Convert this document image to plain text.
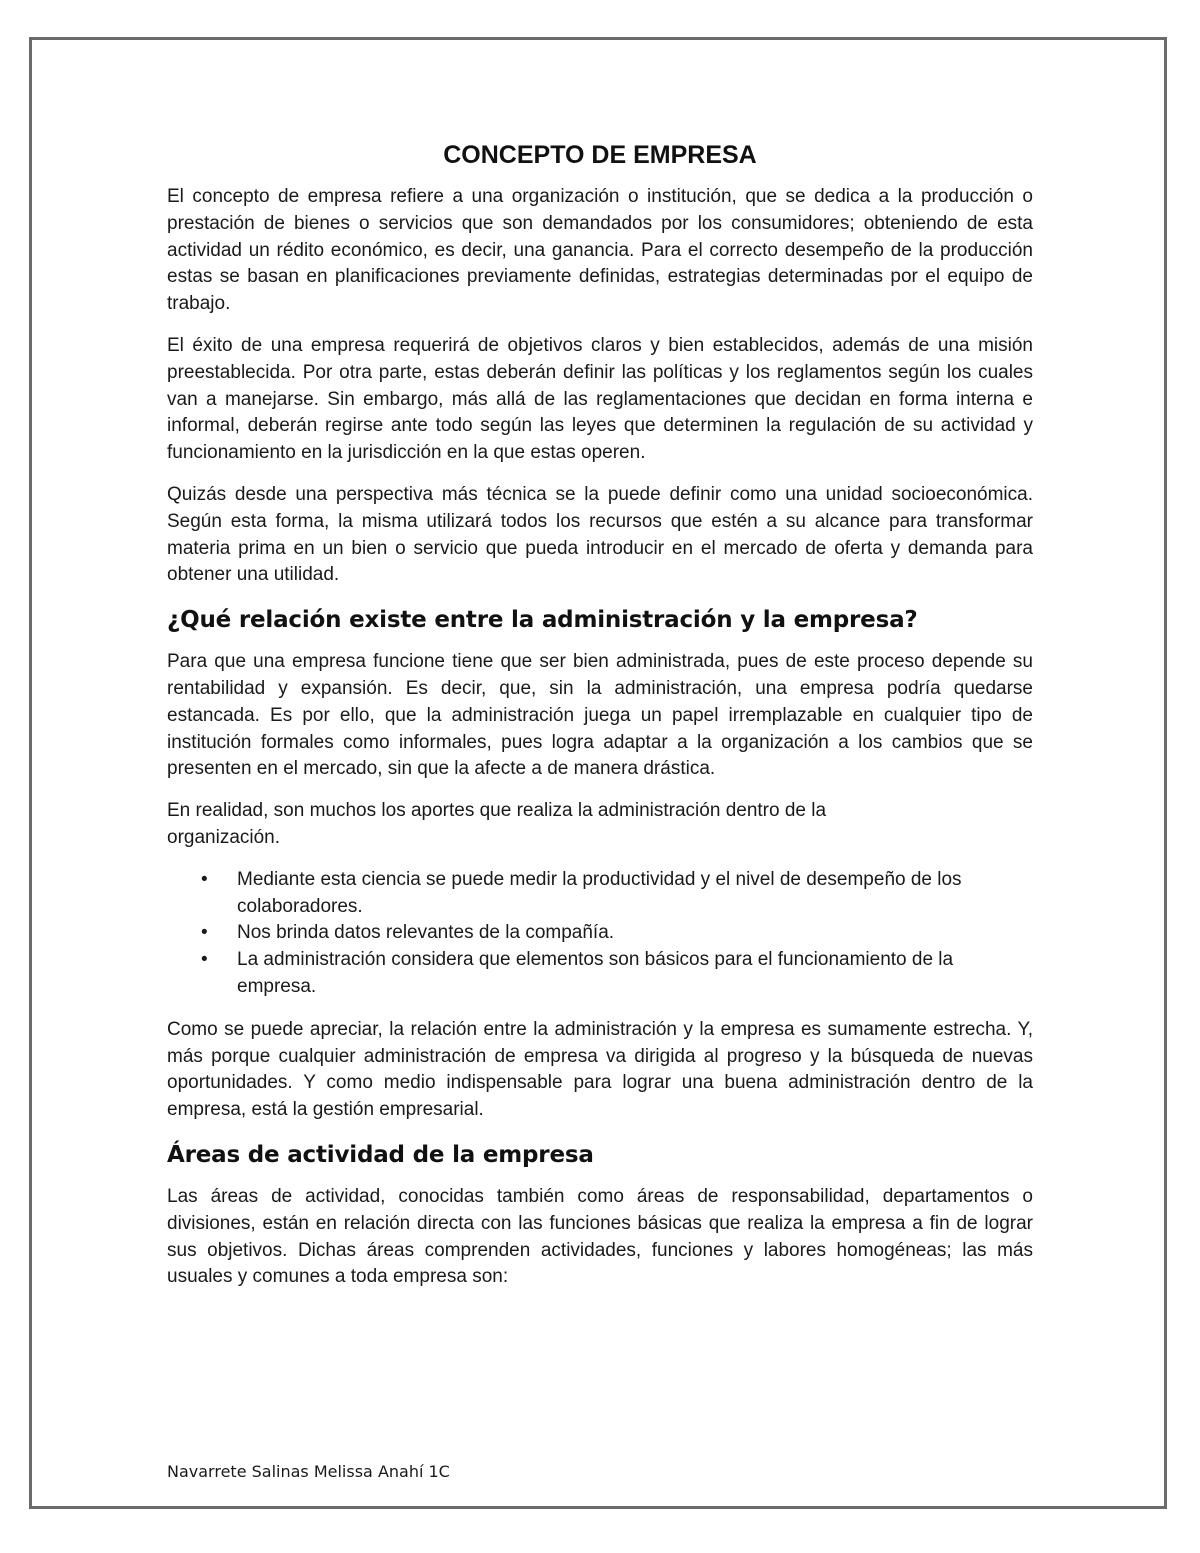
CONCEPTO DE EMPRESA

El concepto de empresa refiere a una organización o institución, que se dedica a la producción o prestación de bienes o servicios que son demandados por los consumidores; obteniendo de esta actividad un rédito económico, es decir, una ganancia. Para el correcto desempeño de la producción estas se basan en planificaciones previamente definidas, estrategias determinadas por el equipo de trabajo.

El éxito de una empresa requerirá de objetivos claros y bien establecidos, además de una misión preestablecida. Por otra parte, estas deberán definir las políticas y los reglamentos según los cuales van a manejarse. Sin embargo, más allá de las reglamentaciones que decidan en forma interna e informal, deberán regirse ante todo según las leyes que determinen la regulación de su actividad y funcionamiento en la jurisdicción en la que estas operen.

Quizás desde una perspectiva más técnica se la puede definir como una unidad socioeconómica. Según esta forma, la misma utilizará todos los recursos que estén a su alcance para transformar materia prima en un bien o servicio que pueda introducir en el mercado de oferta y demanda para obtener una utilidad.

¿Qué relación existe entre la administración y la empresa?

Para que una empresa funcione tiene que ser bien administrada, pues de este proceso depende su rentabilidad y expansión. Es decir, que, sin la administración, una empresa podría quedarse estancada. Es por ello, que la administración juega un papel irremplazable en cualquier tipo de institución formales como informales, pues logra adaptar a la organización a los cambios que se presenten en el mercado, sin que la afecte a de manera drástica.

En realidad, son muchos los aportes que realiza la administración dentro de la organización.

• Mediante esta ciencia se puede medir la productividad y el nivel de desempeño de los colaboradores.
• Nos brinda datos relevantes de la compañía.
• La administración considera que elementos son básicos para el funcionamiento de la empresa.

Como se puede apreciar, la relación entre la administración y la empresa es sumamente estrecha. Y, más porque cualquier administración de empresa va dirigida al progreso y la búsqueda de nuevas oportunidades. Y como medio indispensable para lograr una buena administración dentro de la empresa, está la gestión empresarial.

Áreas de actividad de la empresa

Las áreas de actividad, conocidas también como áreas de responsabilidad, departamentos o divisiones, están en relación directa con las funciones básicas que realiza la empresa a fin de lograr sus objetivos. Dichas áreas comprenden actividades, funciones y labores homogéneas; las más usuales y comunes a toda empresa son:

Navarrete Salinas Melissa Anahí 1C
